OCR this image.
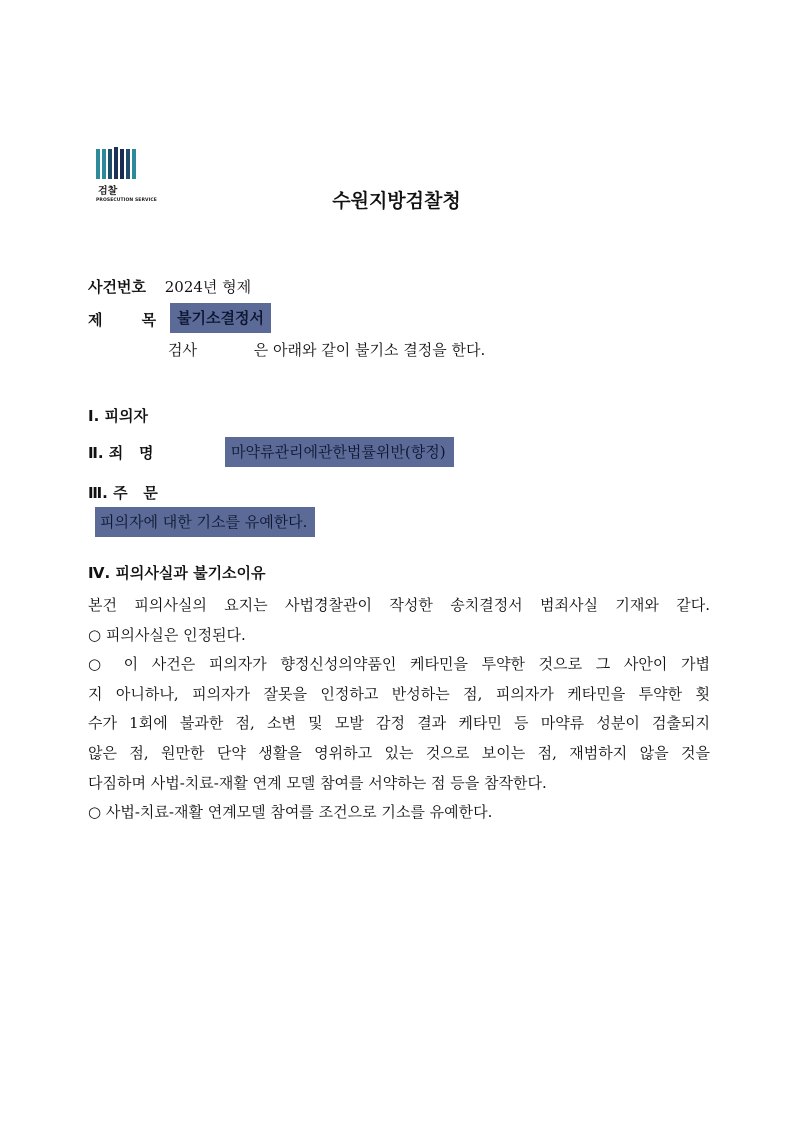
검찰
PROSECUTION SERVICE	수원지방검찰청
사건번호 2024년 형제
제	목	불기소결정서
검사	은 아래와 같이 불기소 결정을 한다.
Ⅰ. 피의자
Ⅱ. 죄   명	마약류관리에관한법률위반(향정)
Ⅲ. 주   문
피의자에 대한 기소를 유예한다.
Ⅳ. 피의사실과 불기소이유
본건 피의사실의 요지는 사법경찰관이 작성한 송치결정서 범죄사실 기재와 같다.
○ 피의사실은 인정된다.
○ 이 사건은 피의자가 향정신성의약품인 케타민을 투약한 것으로 그 사안이 가볍
지 아니하나, 피의자가 잘못을 인정하고 반성하는 점, 피의자가 케타민을 투약한 횟
수가 1회에 불과한 점, 소변 및 모발 감정 결과 케타민 등 마약류 성분이 검출되지
않은 점, 원만한 단약 생활을 영위하고 있는 것으로 보이는 점, 재범하지 않을 것을
다짐하며 사법-치료-재활 연계 모델 참여를 서약하는 점 등을 참작한다.
○ 사법-치료-재활 연계모델 참여를 조건으로 기소를 유예한다.
